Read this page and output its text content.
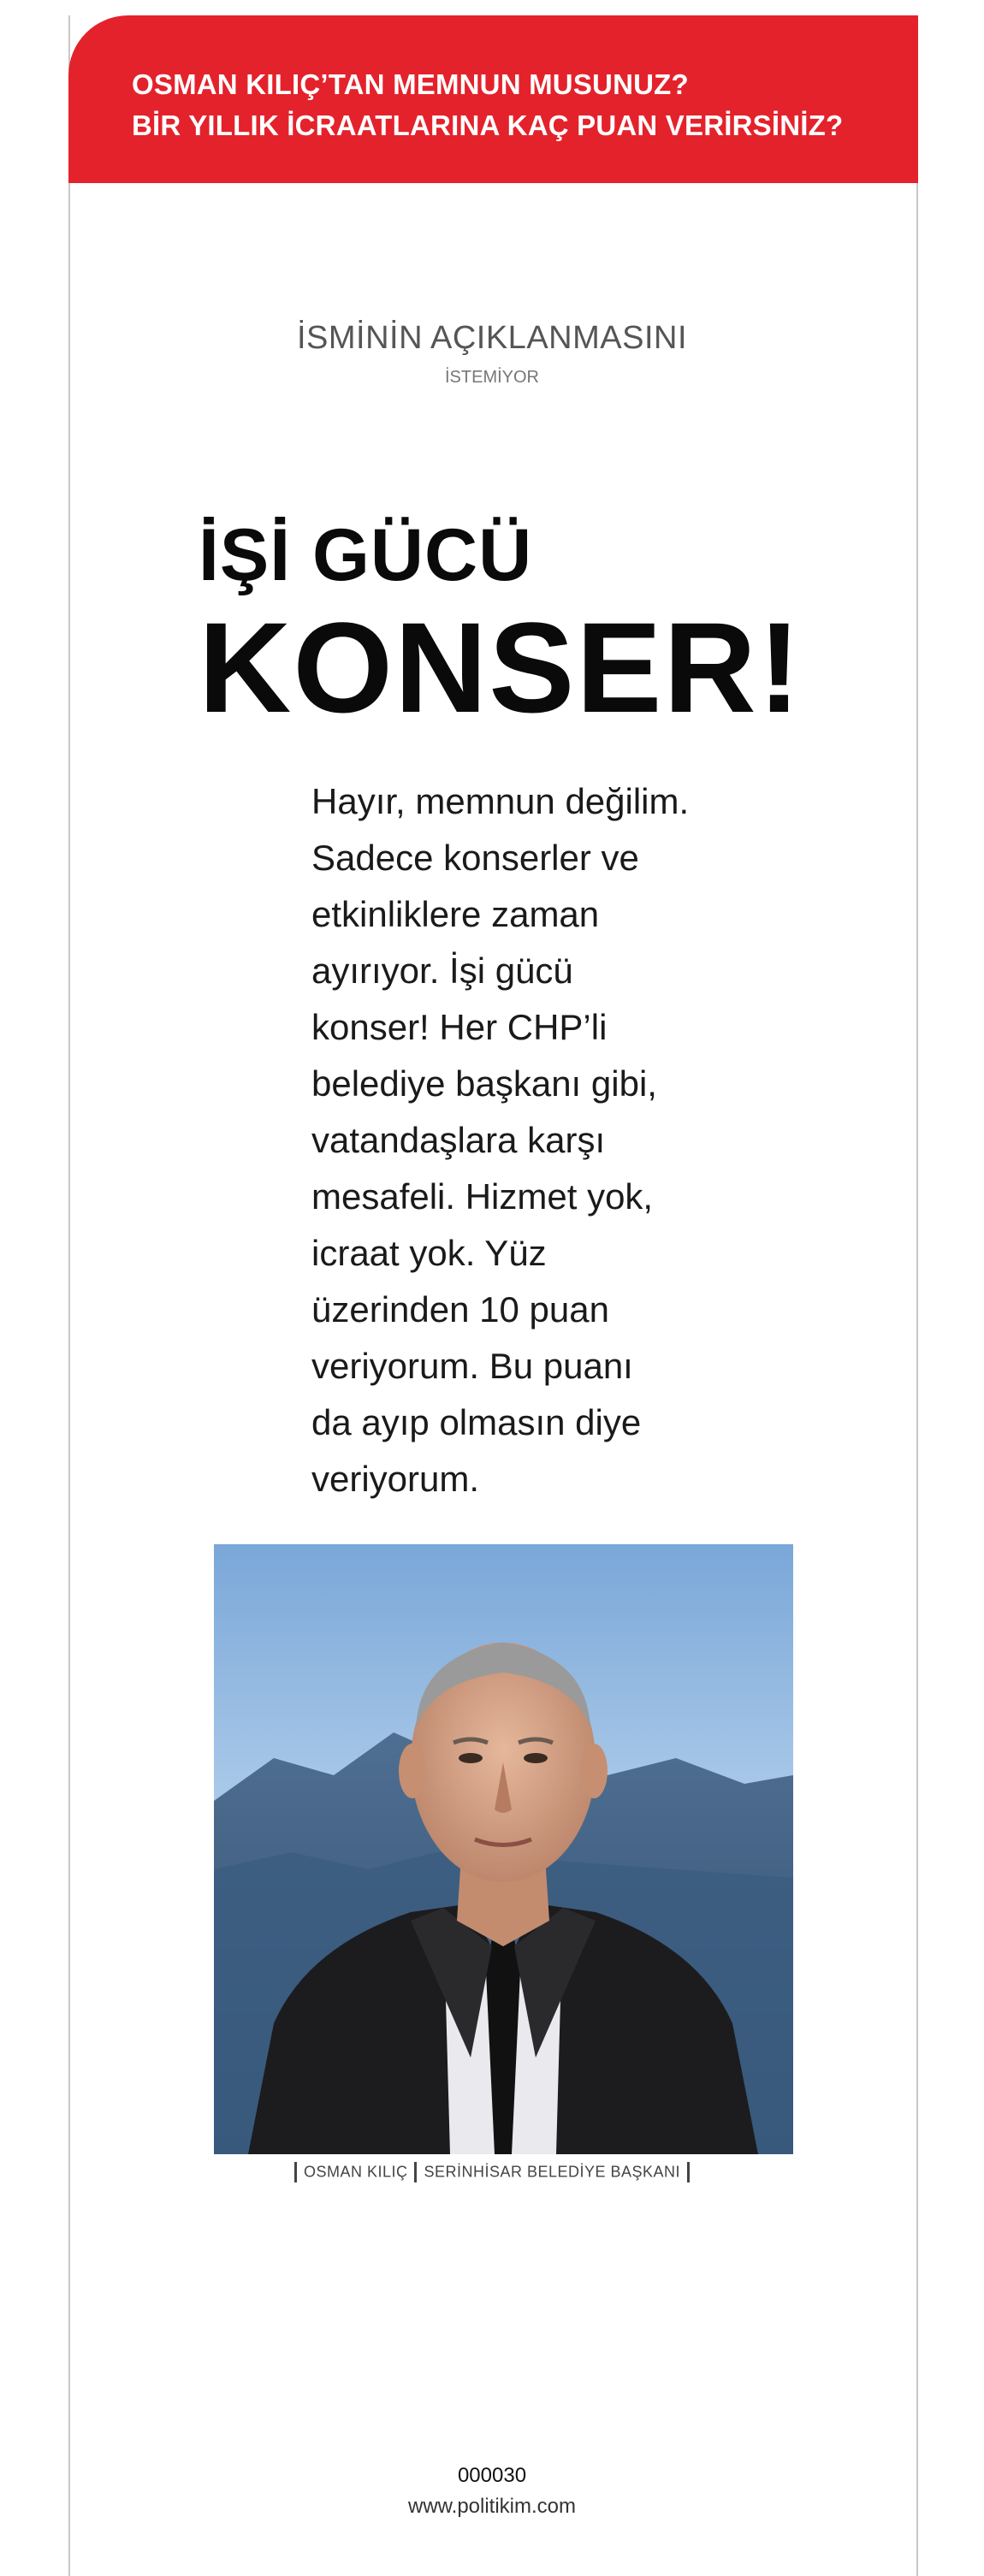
OSMAN KILIÇ’TAN MEMNUN MUSUNUZ?
BİR YILLIK İCRAATLARINA KAÇ PUAN VERİRSİNİZ?
İSMİNİN AÇIKLANMASINI
İSTEMİYOR
İŞİ GÜCÜ
KONSER!
Hayır, memnun değilim.
Sadece konserler ve
etkinliklere zaman
ayırıyor. İşi gücü
konser! Her CHP’li
belediye başkanı gibi,
vatandaşlara karşı
mesafeli. Hizmet yok,
icraat yok. Yüz
üzerinden 10 puan
veriyorum. Bu puanı
da ayıp olmasın diye
veriyorum.
OSMAN KILIÇ SERİNHİSAR BELEDİYE BAŞKANI
000030
www.politikim.com
